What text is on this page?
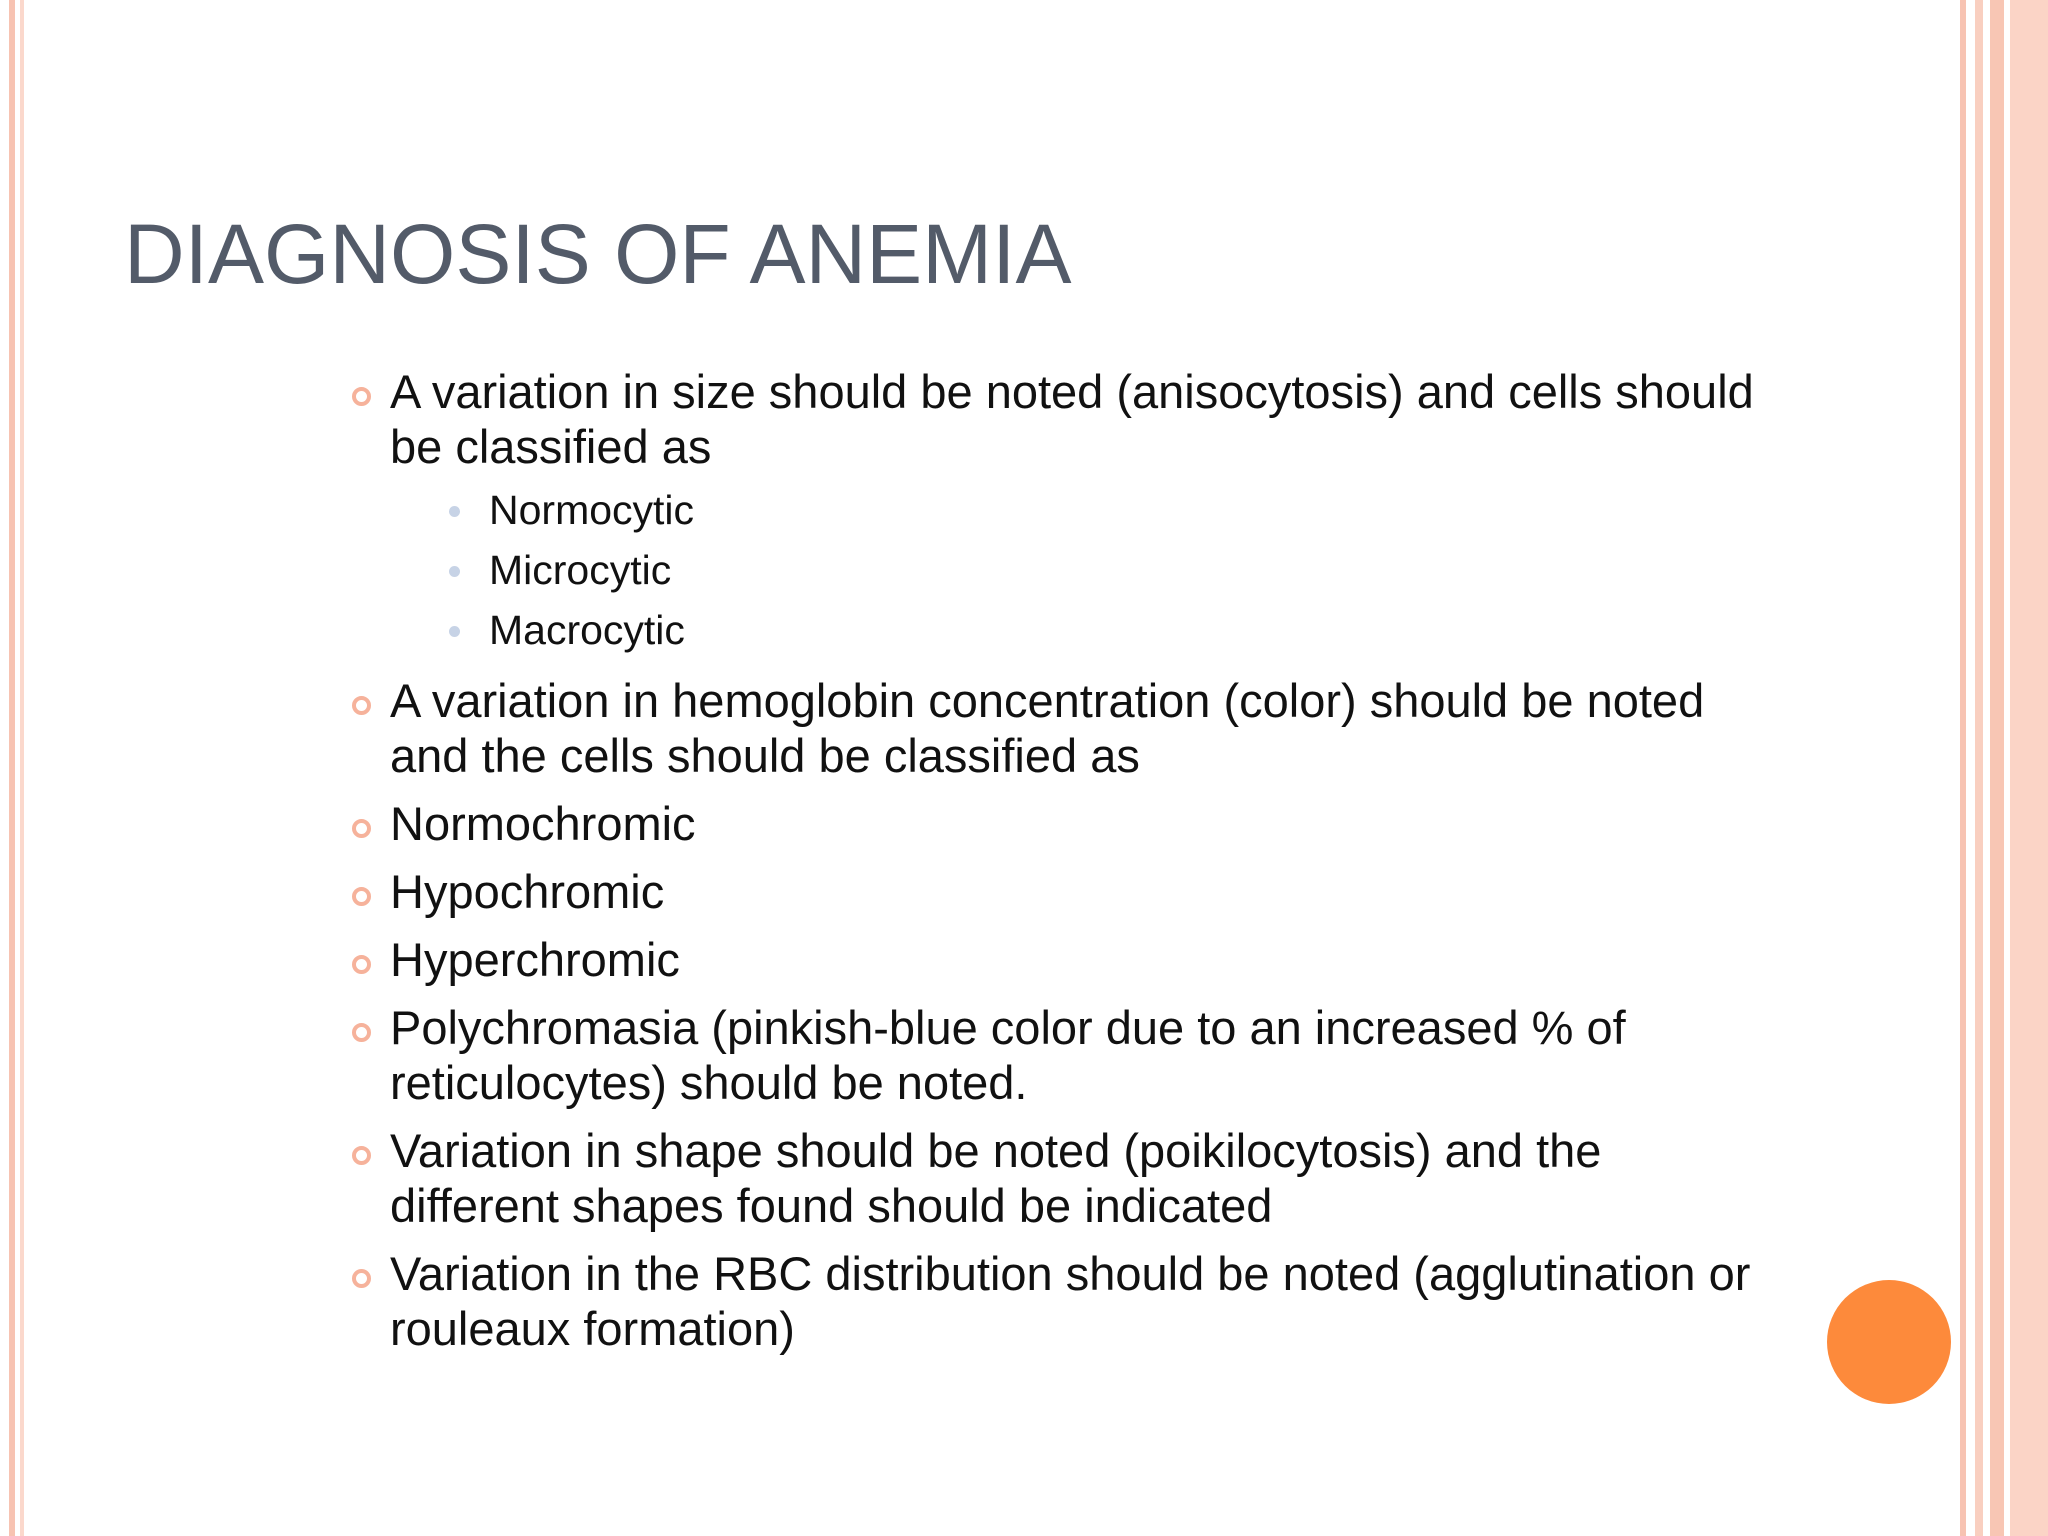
DIAGNOSIS OF ANEMIA
A variation in size should be noted (anisocytosis) and cells should be classified as
Normocytic
Microcytic
Macrocytic
A variation in hemoglobin concentration (color) should be noted and the cells should be classified as
Normochromic
Hypochromic
Hyperchromic
Polychromasia (pinkish-blue color due to an increased % of reticulocytes) should be noted.
Variation in shape should be noted (poikilocytosis) and the different shapes found should be indicated
Variation in the RBC distribution should be noted (agglutination or rouleaux formation)
